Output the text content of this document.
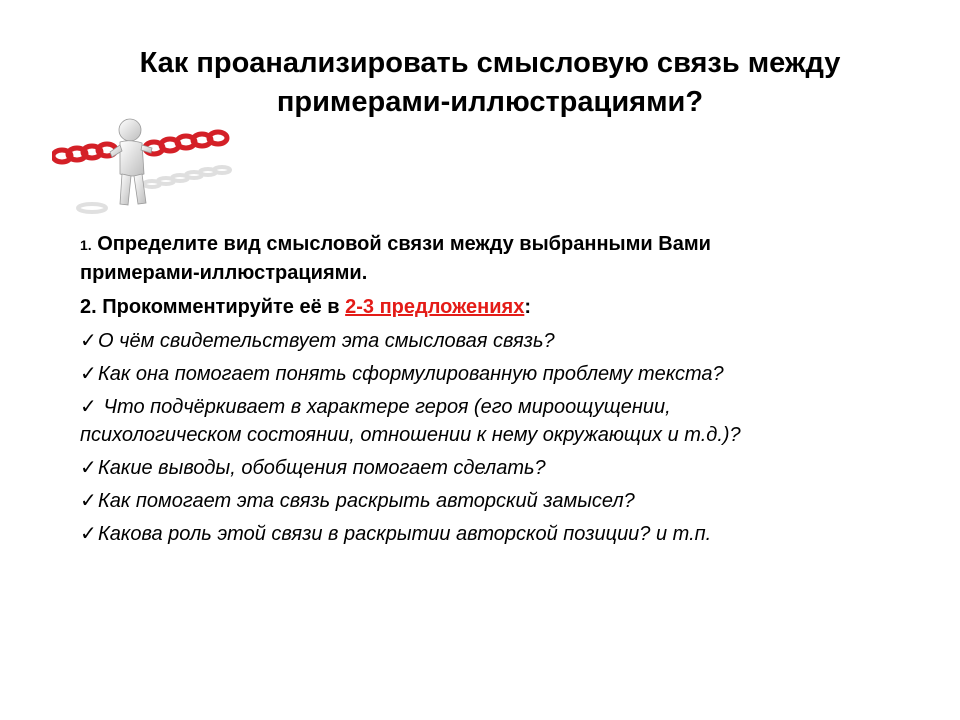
Как проанализировать смысловую связь между
примерами-иллюстрациями?

1. Определите вид смысловой связи между выбранными Вами
примерами-иллюстрациями.

2. Прокомментируйте её в 2-3 предложениях:

✓О чём свидетельствует эта смысловая связь?

✓Как она помогает понять сформулированную проблему текста?

✓ Что подчёркивает в характере героя (его мироощущении,
психологическом состоянии, отношении к нему окружающих и т.д.)?

✓Какие выводы, обобщения помогает сделать?

✓Как помогает эта связь раскрыть авторский замысел?

✓Какова роль этой связи в раскрытии авторской позиции? и т.п.
